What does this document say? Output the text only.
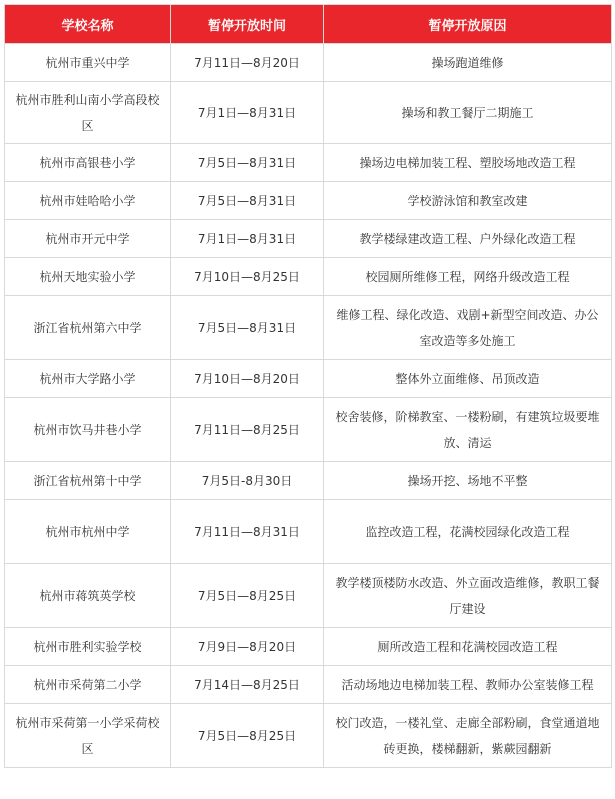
学校名称	暂停开放时间	暂停开放原因
杭州市重兴中学	7月11日—8月20日	操场跑道维修
杭州市胜利山南小学高段校区	7月1日—8月31日	操场和教工餐厅二期施工
杭州市高银巷小学	7月5日—8月31日	操场边电梯加装工程、塑胶场地改造工程
杭州市娃哈哈小学	7月5日—8月31日	学校游泳馆和教室改建
杭州市开元中学	7月1日—8月31日	教学楼绿建改造工程、户外绿化改造工程
杭州天地实验小学	7月10日—8月25日	校园厕所维修工程，网络升级改造工程
浙江省杭州第六中学	7月5日—8月31日	维修工程、绿化改造、戏剧+新型空间改造、办公室改造等多处施工
杭州市大学路小学	7月10日—8月20日	整体外立面维修、吊顶改造
杭州市饮马井巷小学	7月11日—8月25日	校舍装修，阶梯教室、一楼粉刷，有建筑垃圾要堆放、清运
浙江省杭州第十中学	7月5日-8月30日	操场开挖、场地不平整
杭州市杭州中学	7月11日—8月31日	监控改造工程，花满校园绿化改造工程
杭州市蒋筑英学校	7月5日—8月25日	教学楼顶楼防水改造、外立面改造维修，教职工餐厅建设
杭州市胜利实验学校	7月9日—8月20日	厕所改造工程和花满校园改造工程
杭州市采荷第二小学	7月14日—8月25日	活动场地边电梯加装工程、教师办公室装修工程
杭州市采荷第一小学采荷校区	7月5日—8月25日	校门改造，一楼礼堂、走廊全部粉刷，食堂通道地砖更换，楼梯翻新，紫蕨园翻新
